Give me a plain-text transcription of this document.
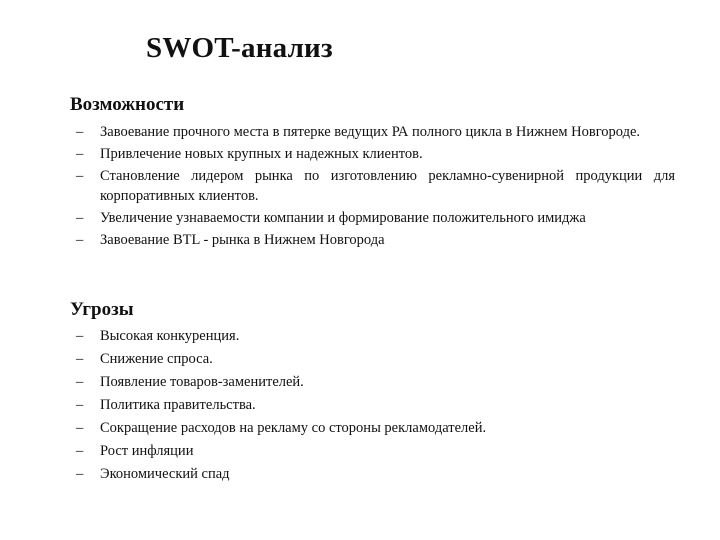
SWOT-анализ
Возможности
– Завоевание прочного места в пятерке ведущих РА полного цикла в Нижнем Новгороде.
– Привлечение новых крупных и надежных клиентов.
– Становление лидером рынка по изготовлению рекламно-сувенирной продукции для корпоративных клиентов.
– Увеличение узнаваемости компании и формирование положительного имиджа
– Завоевание BTL - рынка в Нижнем Новгорода
Угрозы
– Высокая конкуренция.
– Снижение спроса.
– Появление товаров-заменителей.
– Политика правительства.
– Сокращение расходов на рекламу со стороны рекламодателей.
– Рост инфляции
– Экономический спад
